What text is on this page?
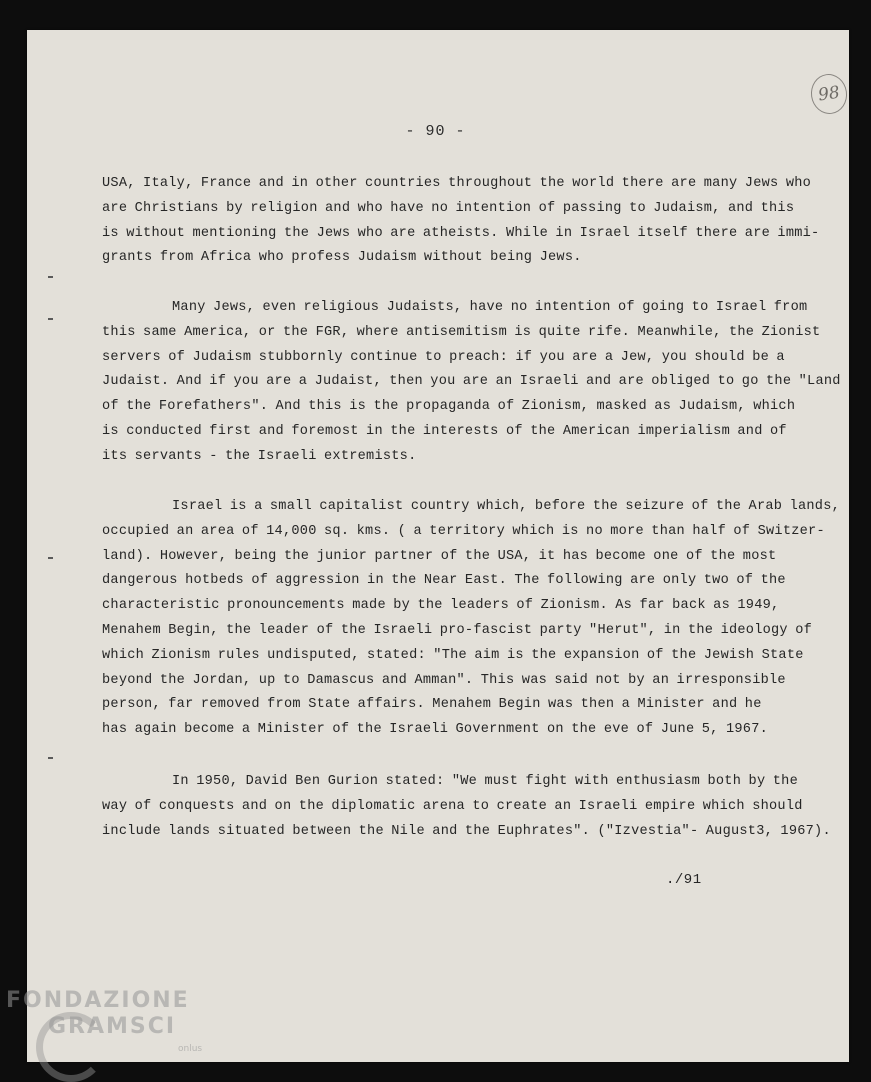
98
- 90 -
USA, Italy, France and in other countries throughout the world there are many Jews who
are Christians by religion and who have no intention of passing to Judaism, and this
is without mentioning the Jews who are atheists. While in Israel itself there are immi-
grants from Africa who profess Judaism without being Jews.
Many Jews, even religious Judaists, have no intention of going to Israel from
this same America, or the FGR, where antisemitism is quite rife. Meanwhile, the Zionist
servers of Judaism stubbornly continue to preach: if you are a Jew, you should be a
Judaist. And if you are a Judaist, then you are an Israeli and are obliged to go the "Land
of the Forefathers". And this is the propaganda of Zionism, masked as Judaism, which
is conducted first and foremost in the interests of the American imperialism and of
its servants - the Israeli extremists.
Israel is a small capitalist country which, before the seizure of the Arab lands,
occupied an area of 14,000 sq. kms. ( a territory which is no more than half of Switzer-
land). However, being the junior partner of the USA, it has become one of the most
dangerous hotbeds of aggression in the Near East. The following are only two of the
characteristic pronouncements made by the leaders of Zionism. As far back as 1949,
Menahem Begin, the leader of the Israeli pro-fascist party "Herut", in the ideology of
which Zionism rules undisputed, stated: "The aim is the expansion of the Jewish State
beyond the Jordan, up to Damascus and Amman". This was said not by an irresponsible
person, far removed from State affairs. Menahem Begin was then a Minister and he
has again become a Minister of the Israeli Government on the eve of June 5, 1967.
In 1950, David Ben Gurion stated: "We must fight with enthusiasm both by the
way of conquests and on the diplomatic arena to create an Israeli empire which should
include lands situated between the Nile and the Euphrates". ("Izvestia"- August3, 1967).
./91
FONDAZIONE
GRAMSCI
onlus
